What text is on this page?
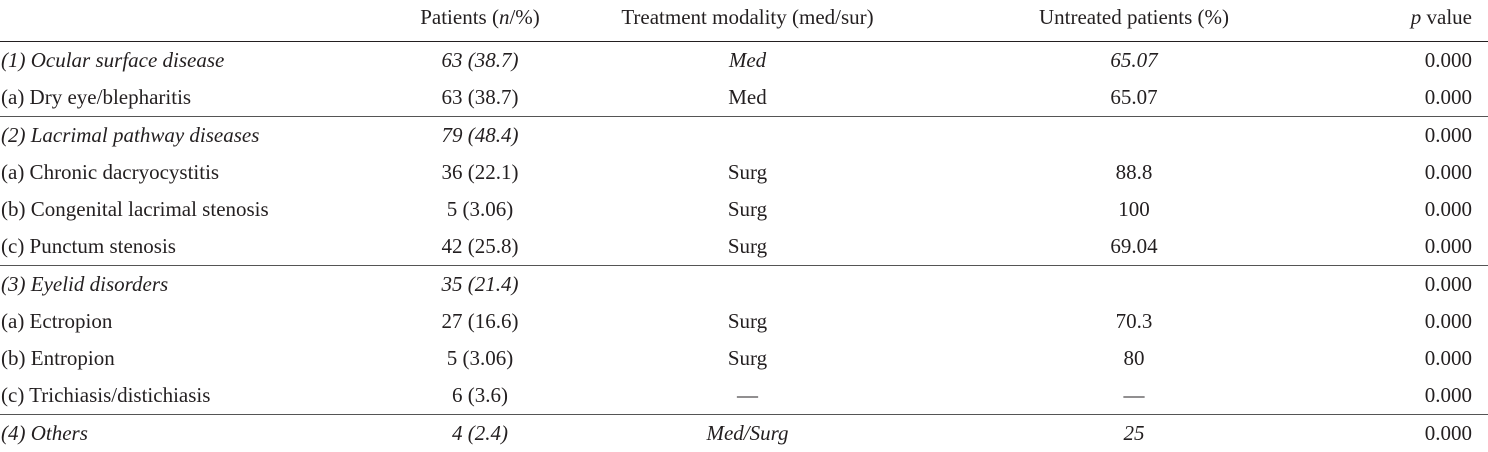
	Patients (n/%)	Treatment modality (med/sur)	Untreated patients (%)	p value
(1) Ocular surface disease	63 (38.7)	Med	65.07	0.000
(a) Dry eye/blepharitis	63 (38.7)	Med	65.07	0.000
(2) Lacrimal pathway diseases	79 (48.4)			0.000
(a) Chronic dacryocystitis	36 (22.1)	Surg	88.8	0.000
(b) Congenital lacrimal stenosis	5 (3.06)	Surg	100	0.000
(c) Punctum stenosis	42 (25.8)	Surg	69.04	0.000
(3) Eyelid disorders	35 (21.4)			0.000
(a) Ectropion	27 (16.6)	Surg	70.3	0.000
(b) Entropion	5 (3.06)	Surg	80	0.000
(c) Trichiasis/distichiasis	6 (3.6)	—	—	0.000
(4) Others	4 (2.4)	Med/Surg	25	0.000
